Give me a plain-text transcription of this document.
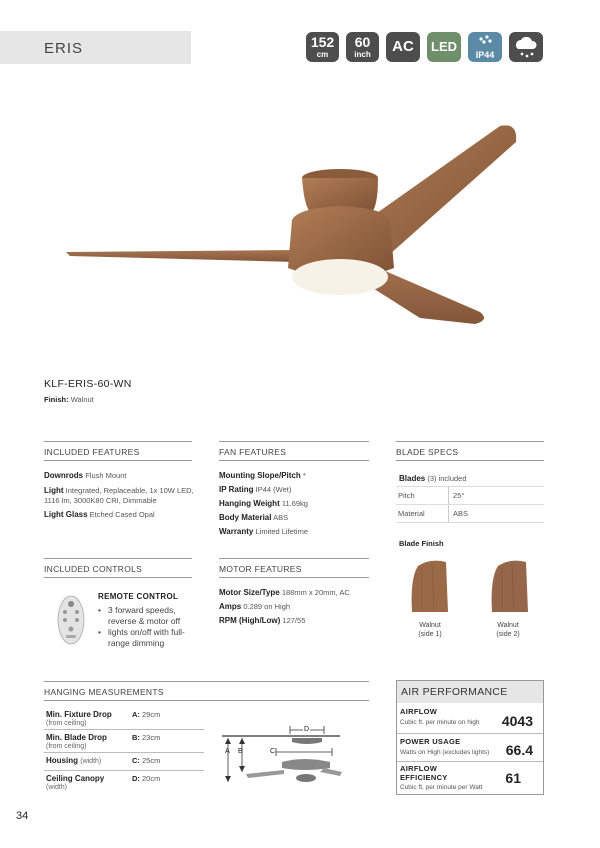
ERIS	152
cm
60
inch	AC	LED
IP44
KLF-ERIS-60-WN
Finish: Walnut
INCLUDED FEATURES
Downrods Flush Mount
Light Integrated, Replaceable, 1x 10W LED, 1116 lm, 3000K80 CRI, Dimmable
Light Glass Etched Cased Opal
FAN FEATURES
Mounting Slope/Pitch *
IP Rating IP44 (Wet)
Hanging Weight 11.69kg
Body Material ABS
Warranty Limited Lifetime
BLADE SPECS
Blades (3) included
Pitch	25°
Material	ABS
Blade Finish
Walnut
(side 1)
Walnut
(side 2)
INCLUDED CONTROLS
REMOTE CONTROL
• 3 forward speeds, reverse & motor off
• lights on/off with full-range dimming
MOTOR FEATURES
Motor Size/Type 188mm x 20mm, AC
Amps 0.289 on High
RPM (High/Low) 127/55
HANGING MEASUREMENTS
Min. Fixture Drop
(from ceiling)
A: 29cm
Min. Blade Drop
(from ceiling)
B: 23cm
Housing (width)	C: 25cm
Ceiling Canopy
(width)
D: 20cm
A B	C
D
AIR PERFORMANCE
AIRFLOW
Cubic ft. per minute on high 4043
POWER USAGE
Watts on High (excludes lights) 66.4
AIRFLOW
EFFICIENCY
Cubic ft. per minute per Watt
61
34
